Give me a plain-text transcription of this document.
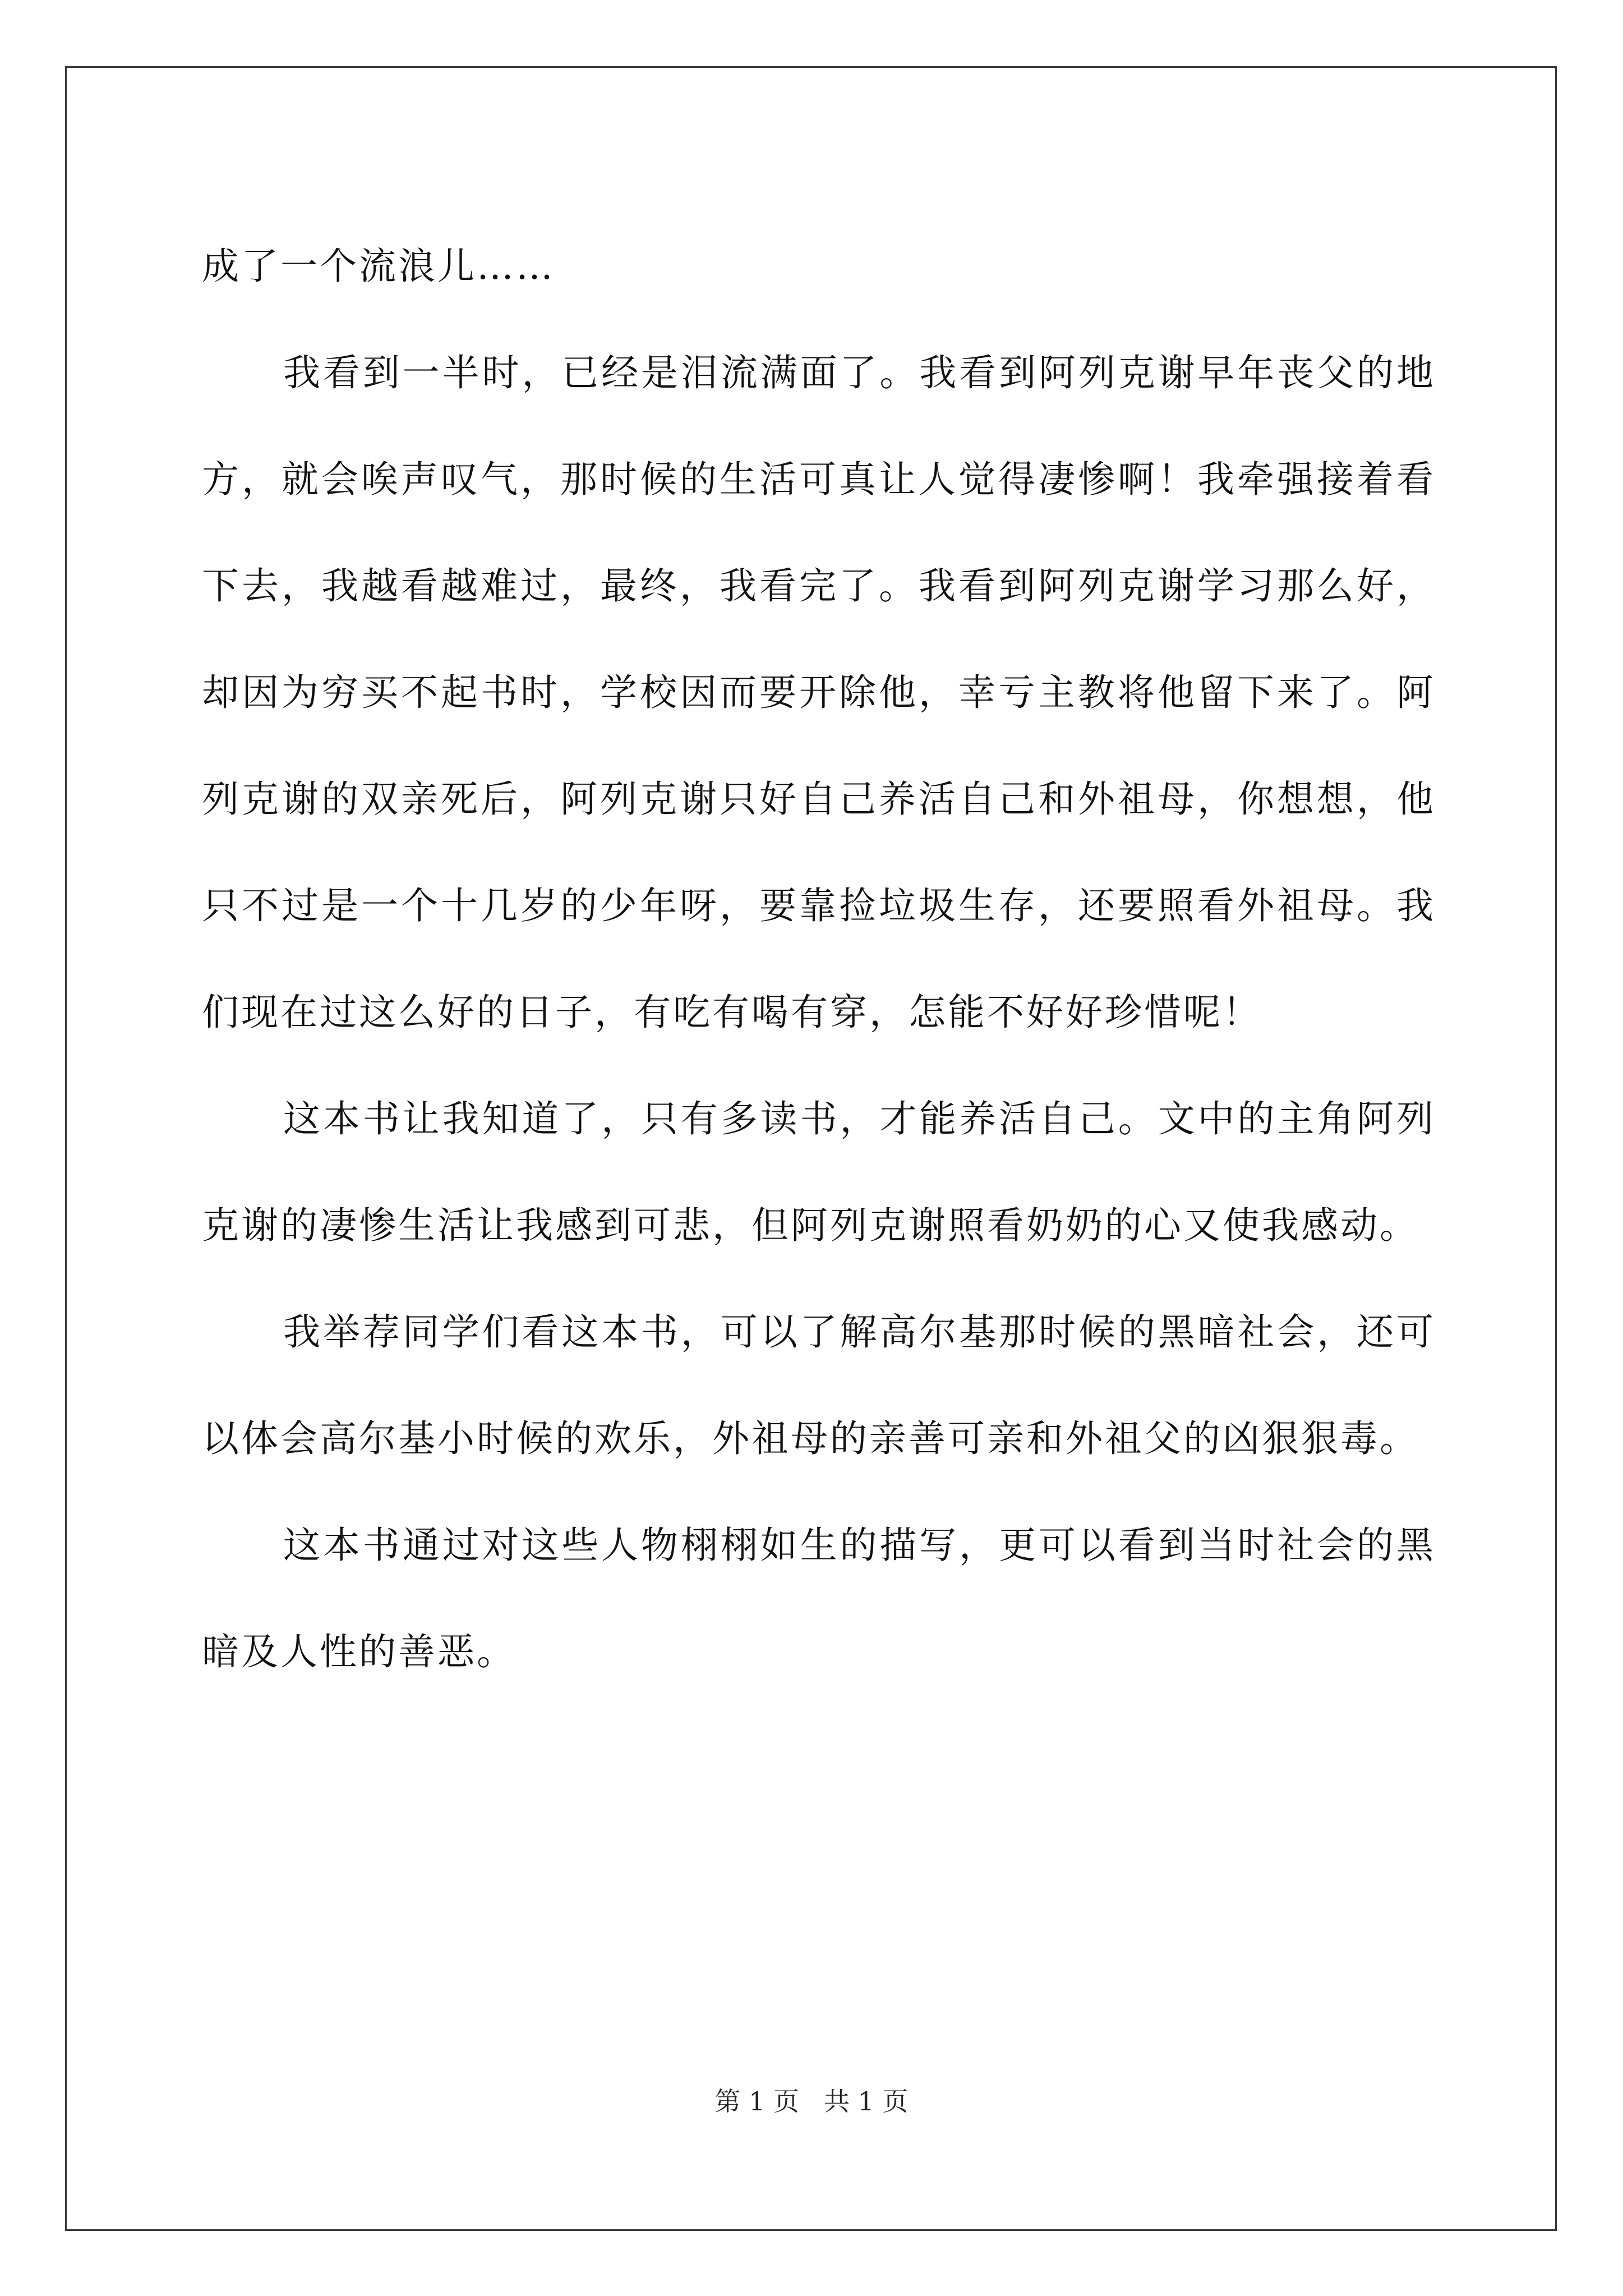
成了一个流浪儿……

我看到一半时，已经是泪流满面了。我看到阿列克谢早年丧父的地方，就会唉声叹气，那时候的生活可真让人觉得凄惨啊！我牵强接着看下去，我越看越难过，最终，我看完了。我看到阿列克谢学习那么好，却因为穷买不起书时，学校因而要开除他，幸亏主教将他留下来了。阿列克谢的双亲死后，阿列克谢只好自己养活自己和外祖母，你想想，他只不过是一个十几岁的少年呀，要靠捡垃圾生存，还要照看外祖母。我们现在过这么好的日子，有吃有喝有穿，怎能不好好珍惜呢！

这本书让我知道了，只有多读书，才能养活自己。文中的主角阿列克谢的凄惨生活让我感到可悲，但阿列克谢照看奶奶的心又使我感动。

我举荐同学们看这本书，可以了解高尔基那时候的黑暗社会，还可以体会高尔基小时候的欢乐，外祖母的亲善可亲和外祖父的凶狠狠毒。

这本书通过对这些人物栩栩如生的描写，更可以看到当时社会的黑暗及人性的善恶。

第 1 页 共 1 页
